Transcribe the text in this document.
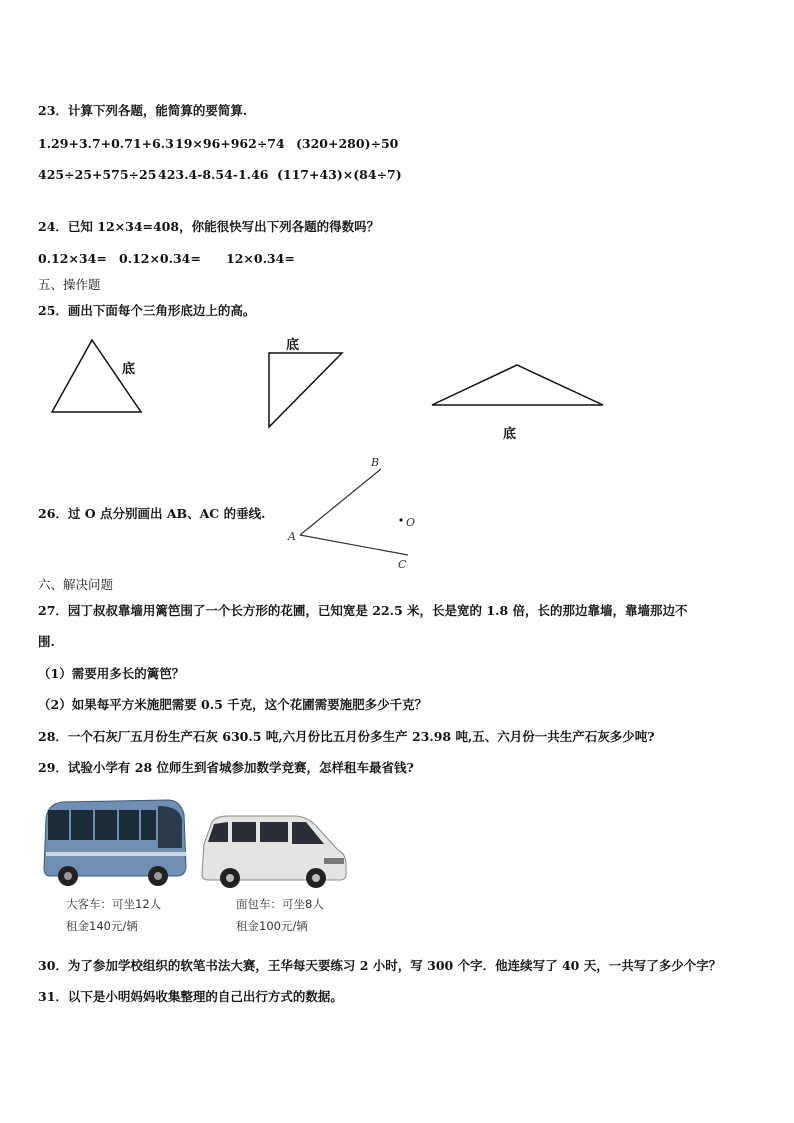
23．计算下列各题，能简算的要简算.
1.29+3.7+0.71+6.3 19×96+962÷74 (320+280)÷50
425÷25+575÷25 423.4-8.54-1.46 (117+43)×(84÷7)
24．已知 12×34=408，你能很快写出下列各题的得数吗？
0.12×34= 0.12×0.34= 12×0.34=
五、操作题
25．画出下面每个三角形底边上的高。
底
底
底
26．过 O 点分别画出 AB、AC 的垂线.
B
A
C
O
六、解决问题
27．园丁叔叔靠墙用篱笆围了一个长方形的花圃，已知宽是 22.5 米，长是宽的 1.8 倍，长的那边靠墙，靠墙那边不
围.
（1）需要用多长的篱笆？
（2）如果每平方米施肥需要 0.5 千克，这个花圃需要施肥多少千克？
28．一个石灰厂五月份生产石灰 630.5 吨,六月份比五月份多生产 23.98 吨,五、六月份一共生产石灰多少吨?
29．试验小学有 28 位师生到省城参加数学竞赛，怎样租车最省钱?
大客车：可坐12人
租金140元/辆
面包车：可坐8人
租金100元/辆
30．为了参加学校组织的软笔书法大赛，王华每天要练习 2 小时，写 300 个字．他连续写了 40 天，一共写了多少个字？
31．以下是小明妈妈收集整理的自己出行方式的数据。
